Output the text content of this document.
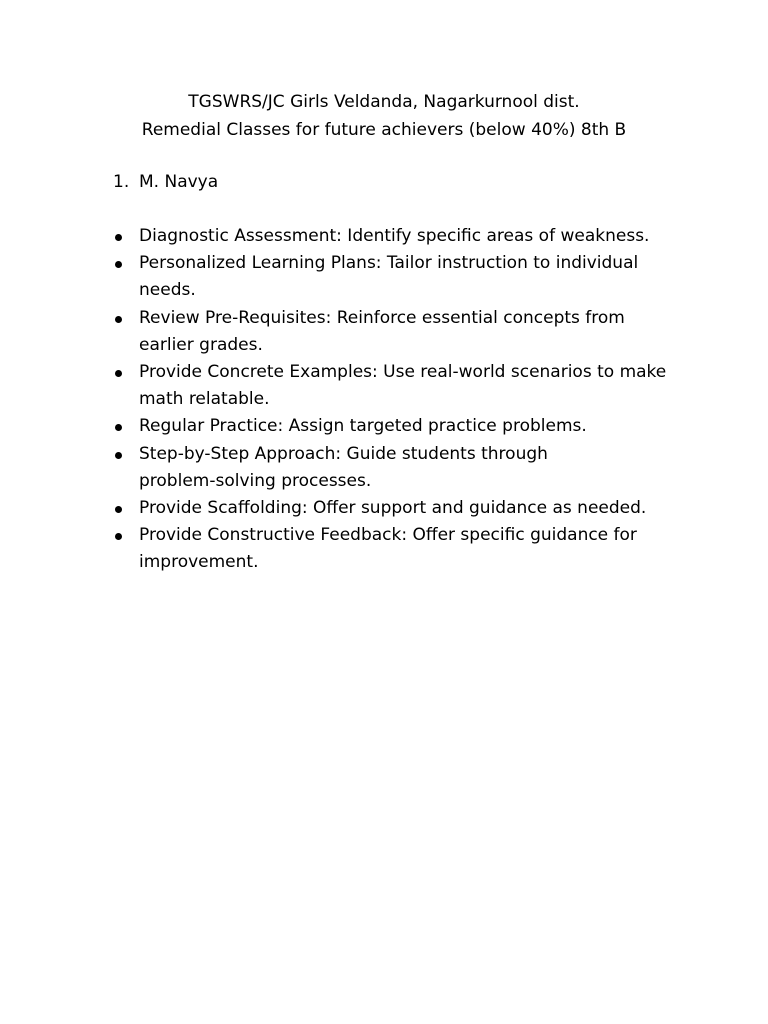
TGSWRS/JC Girls Veldanda, Nagarkurnool dist.
Remedial Classes for future achievers (below 40%) 8th B
1. M. Navya
Diagnostic Assessment: Identify specific areas of weakness.
Personalized Learning Plans: Tailor instruction to individual
needs.
Review Pre-Requisites: Reinforce essential concepts from
earlier grades.
Provide Concrete Examples: Use real-world scenarios to make
math relatable.
Regular Practice: Assign targeted practice problems.
Step-by-Step Approach: Guide students through
problem-solving processes.
Provide Scaffolding: Offer support and guidance as needed.
Provide Constructive Feedback: Offer specific guidance for
improvement.
